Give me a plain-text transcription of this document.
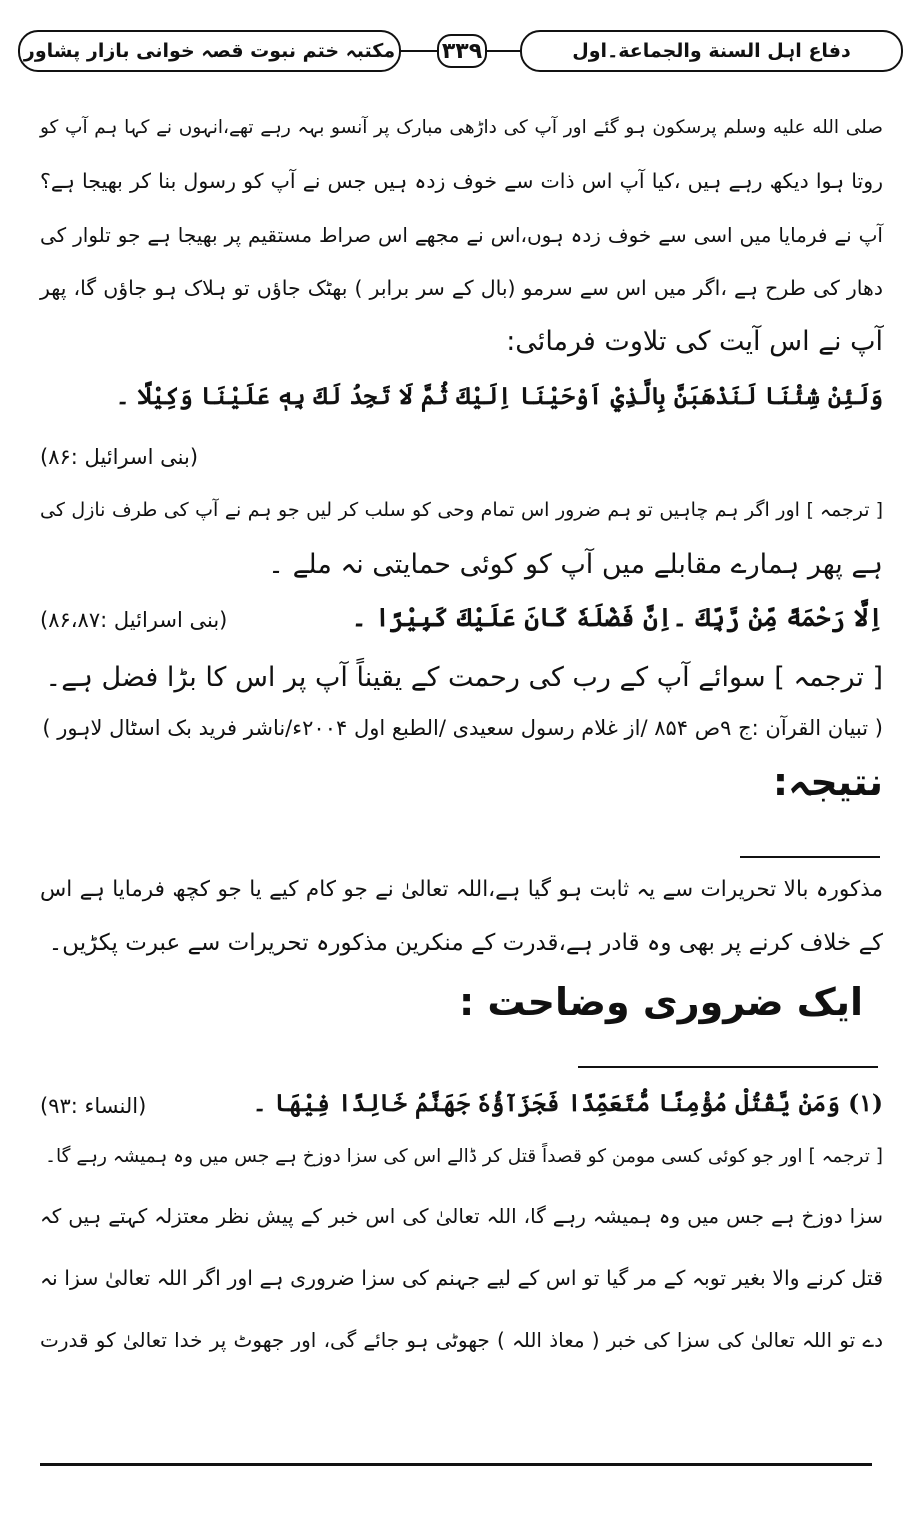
دفاع اہل السنة والجماعة۔اول
۳۳۹
مکتبہ ختم نبوت قصہ خوانی بازار پشاور
صلى الله عليه وسلم پرسکون ہو گئے اور آپ کی داڑھی مبارک پر آنسو بہہ رہے تھے،انہوں نے کہا ہم آپ کو
روتا ہوا دیکھ رہے ہیں ،کیا آپ اس ذات سے خوف زدہ ہیں جس نے آپ کو رسول بنا کر بھیجا ہے؟
آپ نے فرمایا میں اسی سے خوف زدہ ہوں،اس نے مجھے اس صراط مستقیم پر بھیجا ہے جو تلوار کی
دھار کی طرح ہے ،اگر میں اس سے سرمو (بال کے سر برابر ) بھٹک جاؤں تو ہلاک ہو جاؤں گا، پھر
آپ نے اس آیت کی تلاوت فرمائی:
وَلَئِنْ شِئْنَا لَنَذْهَبَنَّ بِالَّذِيْ اَوْحَيْنَا اِلَيْكَ ثُمَّ لَا تَجِدُ لَكَ بِهٖ عَلَيْنَا وَكِيْلًا ۔
(بنی اسرائیل :۸۶)
[ ترجمہ ] اور اگر ہم چاہیں تو ہم ضرور اس تمام وحی کو سلب کر لیں جو ہم نے آپ کی طرف نازل کی
ہے پھر ہمارے مقابلے میں آپ کو کوئی حمایتی نہ ملے ۔
اِلَّا رَحْمَةً مِّنْ رَّبِّكَ ۔اِنَّ فَضْلَهٗ كَانَ عَلَيْكَ كَبِيْرًا ۔
(بنی اسرائیل :۸۶،۸۷)
[ ترجمہ ] سوائے آپ کے رب کی رحمت کے یقیناً آپ پر اس کا بڑا فضل ہے۔
( تبیان القرآن :ج ۹ص ۸۵۴ /از غلام رسول سعیدی /الطبع اول ۲۰۰۴ء/ناشر فرید بک اسٹال لاہور )
نتیجہ:
مذکورہ بالا تحریرات سے یہ ثابت ہو گیا ہے،اللہ تعالیٰ نے جو کام کیے یا جو کچھ فرمایا ہے اس
کے خلاف کرنے پر بھی وہ قادر ہے،قدرت کے منکرین مذکورہ تحریرات سے عبرت پکڑیں۔
ایک ضروری وضاحت :
(۱) وَمَنْ يَّقْتُلْ مُؤْمِنًا مُّتَعَمِّدًا فَجَزَآؤُهٗ جَهَنَّمُ خَالِدًا فِيْهَا ۔
(النساء :۹۳)
[ ترجمہ ] اور جو کوئی کسی مومن کو قصداً قتل کر ڈالے اس کی سزا دوزخ ہے جس میں وہ ہمیشہ رہے گا۔
سزا دوزخ ہے جس میں وہ ہمیشہ رہے گا، اللہ تعالیٰ کی اس خبر کے پیش نظر معتزلہ کہتے ہیں کہ
قتل کرنے والا بغیر توبہ کے مر گیا تو اس کے لیے جہنم کی سزا ضروری ہے اور اگر اللہ تعالیٰ سزا نہ
دے تو اللہ تعالیٰ کی سزا کی خبر ( معاذ اللہ ) جھوٹی ہو جائے گی، اور جھوٹ پر خدا تعالیٰ کو قدرت
